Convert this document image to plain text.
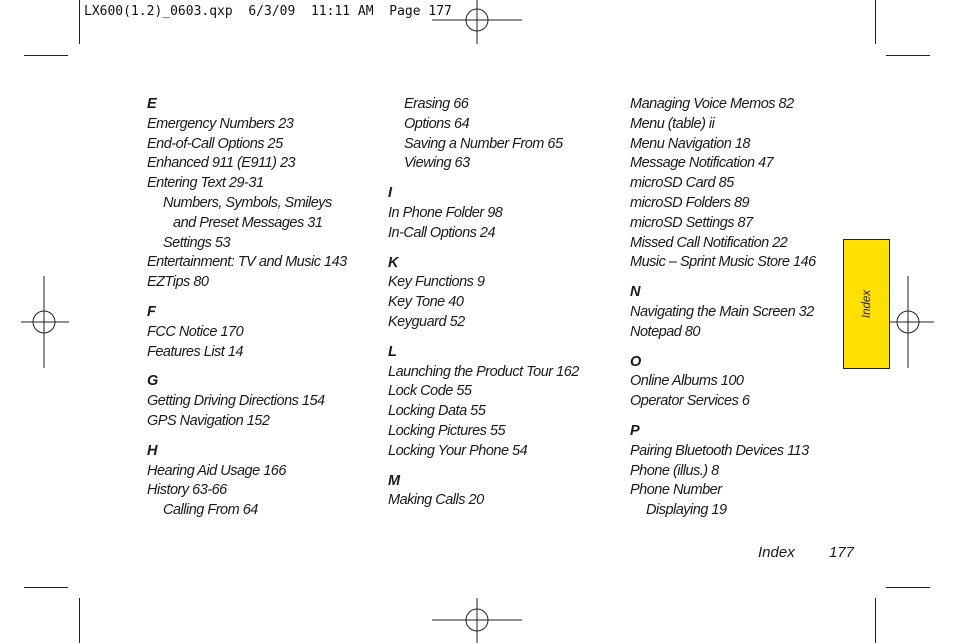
LX600(1.2)_0603.qxp  6/3/09  11:11 AM  Page 177
E
Emergency Numbers 23
End-of-Call Options 25
Enhanced 911 (E911) 23
Entering Text 29-31
Numbers, Symbols, Smileys
and Preset Messages 31
Settings 53
Entertainment: TV and Music 143
EZTips 80
F
FCC Notice 170
Features List 14
G
Getting Driving Directions 154
GPS Navigation 152
H
Hearing Aid Usage 166
History 63-66
Calling From 64
Erasing 66
Options 64
Saving a Number From 65
Viewing 63
I
In Phone Folder 98
In-Call Options 24
K
Key Functions 9
Key Tone 40
Keyguard 52
L
Launching the Product Tour 162
Lock Code 55
Locking Data 55
Locking Pictures 55
Locking Your Phone 54
M
Making Calls 20
Managing Voice Memos 82
Menu (table) ii
Menu Navigation 18
Message Notification 47
microSD Card 85
microSD Folders 89
microSD Settings 87
Missed Call Notification 22
Music – Sprint Music Store 146
N
Navigating the Main Screen 32
Notepad 80
O
Online Albums 100
Operator Services 6
P
Pairing Bluetooth Devices 113
Phone (illus.) 8
Phone Number
Displaying 19
Index
Index 177
